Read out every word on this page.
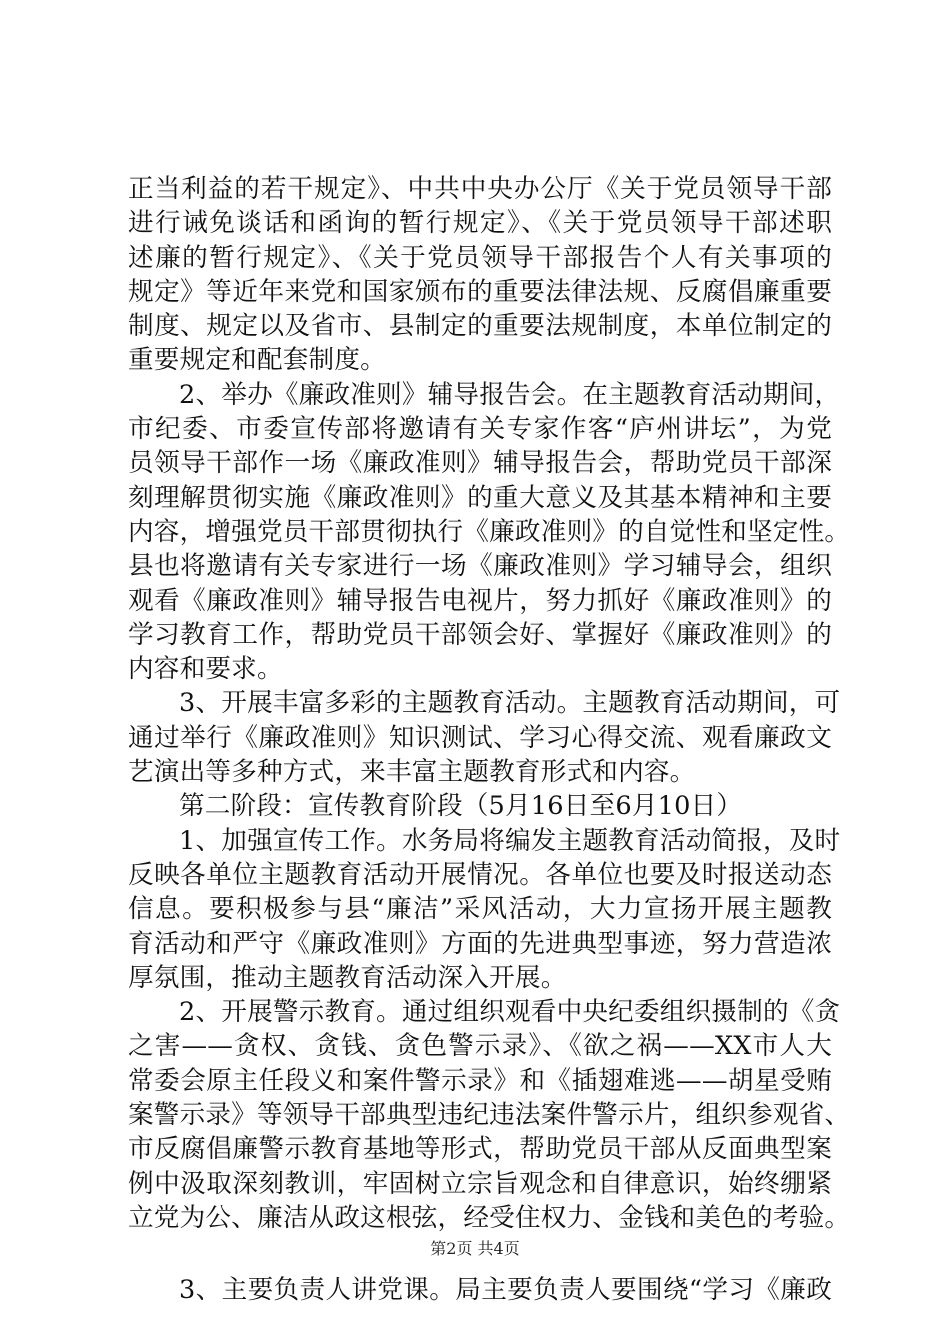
正当利益的若干规定》、中共中央办公厅《关于党员领导干部
进行诫免谈话和函询的暂行规定》、《关于党员领导干部述职
述廉的暂行规定》、《关于党员领导干部报告个人有关事项的
规定》等近年来党和国家颁布的重要法律法规、反腐倡廉重要
制度、规定以及省市、县制定的重要法规制度，本单位制定的
重要规定和配套制度。
2、举办《廉政准则》辅导报告会。在主题教育活动期间，
市纪委、市委宣传部将邀请有关专家作客“庐州讲坛”，为党
员领导干部作一场《廉政准则》辅导报告会，帮助党员干部深
刻理解贯彻实施《廉政准则》的重大意义及其基本精神和主要
内容，增强党员干部贯彻执行《廉政准则》的自觉性和坚定性。
县也将邀请有关专家进行一场《廉政准则》学习辅导会，组织
观看《廉政准则》辅导报告电视片，努力抓好《廉政准则》的
学习教育工作，帮助党员干部领会好、掌握好《廉政准则》的
内容和要求。
3、开展丰富多彩的主题教育活动。主题教育活动期间，可
通过举行《廉政准则》知识测试、学习心得交流、观看廉政文
艺演出等多种方式，来丰富主题教育形式和内容。
第二阶段：宣传教育阶段（5月16日至6月10日）
1、加强宣传工作。水务局将编发主题教育活动简报，及时
反映各单位主题教育活动开展情况。各单位也要及时报送动态
信息。要积极参与县“廉洁”采风活动，大力宣扬开展主题教
育活动和严守《廉政准则》方面的先进典型事迹，努力营造浓
厚氛围，推动主题教育活动深入开展。
2、开展警示教育。通过组织观看中央纪委组织摄制的《贪
之害——贪权、贪钱、贪色警示录》、《欲之祸——XX市人大
常委会原主任段义和案件警示录》和《插翅难逃——胡星受贿
案警示录》等领导干部典型违纪违法案件警示片，组织参观省、
市反腐倡廉警示教育基地等形式，帮助党员干部从反面典型案
例中汲取深刻教训，牢固树立宗旨观念和自律意识，始终绷紧
立党为公、廉洁从政这根弦，经受住权力、金钱和美色的考验。
3、主要负责人讲党课。局主要负责人要围绕“学习《廉政
第2页 共4页
